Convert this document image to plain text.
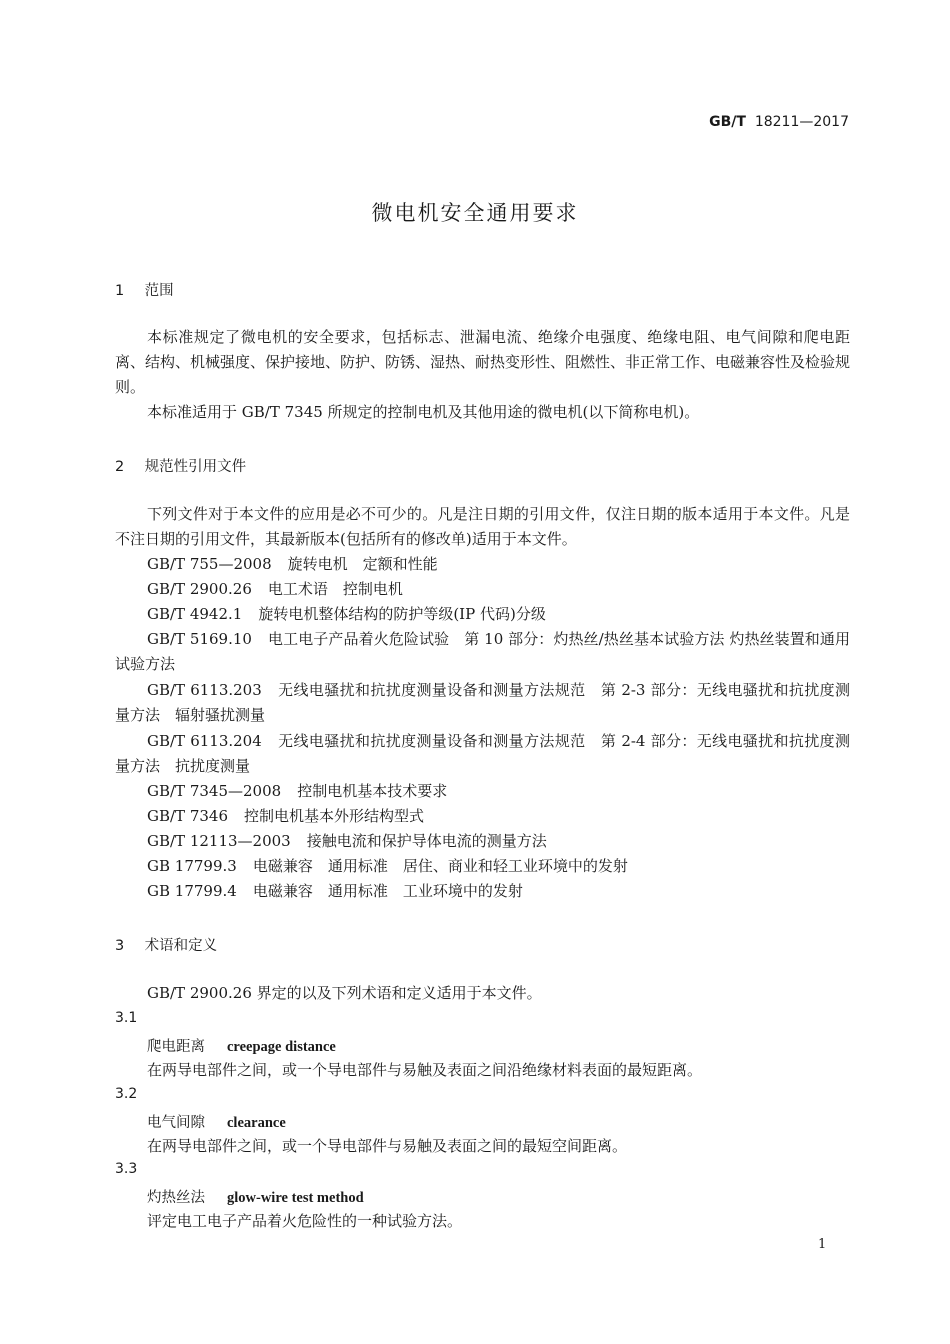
GB/T 18211—2017
微电机安全通用要求
1 范围
本标准规定了微电机的安全要求，包括标志、泄漏电流、绝缘介电强度、绝缘电阻、电气间隙和爬电距离、结构、机械强度、保护接地、防护、防锈、湿热、耐热变形性、阻燃性、非正常工作、电磁兼容性及检验规则。
本标准适用于 GB/T 7345 所规定的控制电机及其他用途的微电机(以下简称电机)。
2 规范性引用文件
下列文件对于本文件的应用是必不可少的。凡是注日期的引用文件，仅注日期的版本适用于本文件。凡是不注日期的引用文件，其最新版本(包括所有的修改单)适用于本文件。
GB/T 755—2008 旋转电机　定额和性能
GB/T 2900.26 电工术语　控制电机
GB/T 4942.1 旋转电机整体结构的防护等级(IP 代码)分级
GB/T 5169.10 电工电子产品着火危险试验　第 10 部分：灼热丝/热丝基本试验方法 灼热丝装置和通用试验方法
GB/T 6113.203 无线电骚扰和抗扰度测量设备和测量方法规范　第 2-3 部分：无线电骚扰和抗扰度测量方法　辐射骚扰测量
GB/T 6113.204 无线电骚扰和抗扰度测量设备和测量方法规范　第 2-4 部分：无线电骚扰和抗扰度测量方法　抗扰度测量
GB/T 7345—2008 控制电机基本技术要求
GB/T 7346 控制电机基本外形结构型式
GB/T 12113—2003 接触电流和保护导体电流的测量方法
GB 17799.3 电磁兼容　通用标准　居住、商业和轻工业环境中的发射
GB 17799.4 电磁兼容　通用标准　工业环境中的发射
3 术语和定义
GB/T 2900.26 界定的以及下列术语和定义适用于本文件。
3.1
爬电距离 creepage distance
在两导电部件之间，或一个导电部件与易触及表面之间沿绝缘材料表面的最短距离。
3.2
电气间隙 clearance
在两导电部件之间，或一个导电部件与易触及表面之间的最短空间距离。
3.3
灼热丝法 glow-wire test method
评定电工电子产品着火危险性的一种试验方法。
1
